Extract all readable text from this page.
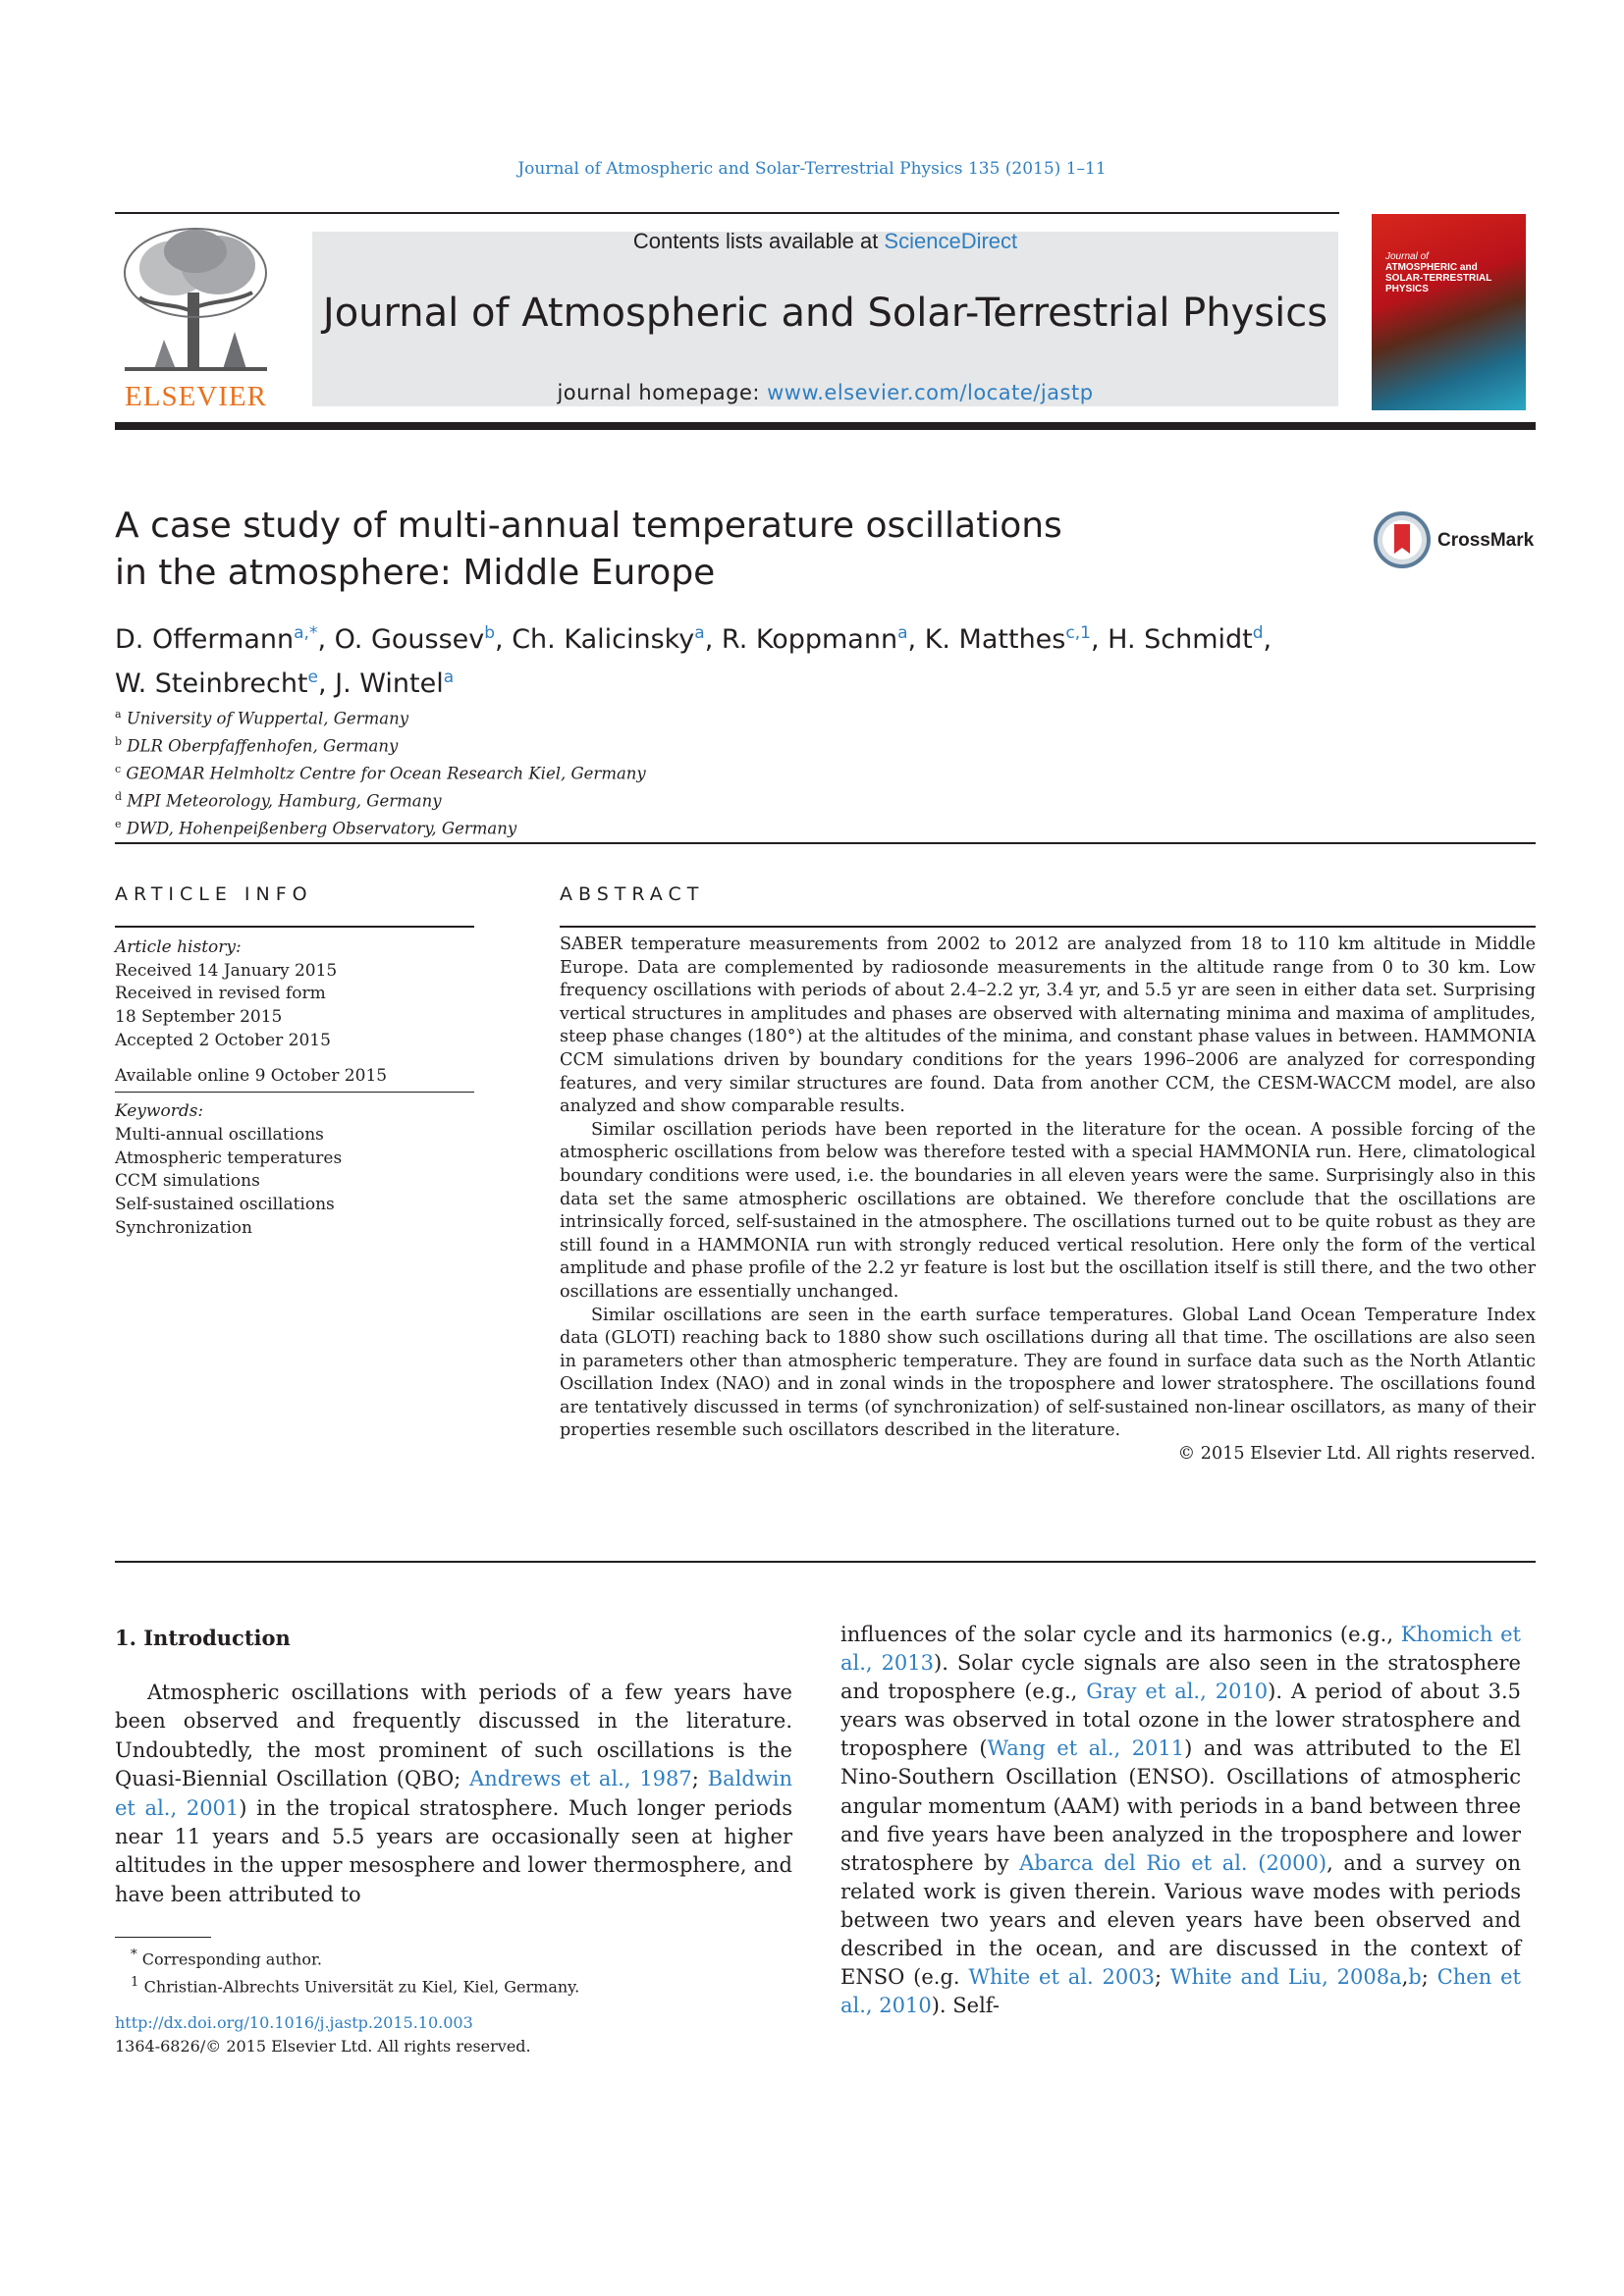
Journal of Atmospheric and Solar-Terrestrial Physics 135 (2015) 1–11
ELSEVIER
Contents lists available at ScienceDirect
Journal of Atmospheric and Solar-Terrestrial Physics
journal homepage: www.elsevier.com/locate/jastp
Journal of
ATMOSPHERIC and
SOLAR-TERRESTRIAL
PHYSICS
A case study of multi-annual temperature oscillations
in the atmosphere: Middle Europe
CrossMark
D. Offermann$^{a,*}$, O. Goussev$^b$, Ch. Kalicinsky$^a$, R. Koppmann$^a$, K. Matthes$^{c,1}$, H. Schmidt$^d$,
W. Steinbrecht$^e$, J. Wintel$^a$
$^a$ University of Wuppertal, Germany
$^b$ DLR Oberpfaffenhofen, Germany
$^c$ GEOMAR Helmholtz Centre for Ocean Research Kiel, Germany
$^d$ MPI Meteorology, Hamburg, Germany
$^e$ DWD, Hohenpeißenberg Observatory, Germany
ARTICLE INFO	ABSTRACT
Article history:
Received 14 January 2015
Received in revised form
18 September 2015
Accepted 2 October 2015
Available online 9 October 2015
Keywords:
Multi-annual oscillations
Atmospheric temperatures
CCM simulations
Self-sustained oscillations
Synchronization

SABER temperature measurements from 2002 to 2012 are analyzed from 18 to 110 km altitude in Middle Europe. Data are complemented by radiosonde measurements in the altitude range from 0 to 30 km. Low frequency oscillations with periods of about 2.4–2.2 yr, 3.4 yr, and 5.5 yr are seen in either data set. Surprising vertical structures in amplitudes and phases are observed with alternating minima and maxima of amplitudes, steep phase changes (180°) at the altitudes of the minima, and constant phase values in between. HAMMONIA CCM simulations driven by boundary conditions for the years 1996–2006 are analyzed for corresponding features, and very similar structures are found. Data from another CCM, the CESM-WACCM model, are also analyzed and show comparable results.

Similar oscillation periods have been reported in the literature for the ocean. A possible forcing of the atmospheric oscillations from below was therefore tested with a special HAMMONIA run. Here, climatological boundary conditions were used, i.e. the boundaries in all eleven years were the same. Surprisingly also in this data set the same atmospheric oscillations are obtained. We therefore conclude that the oscillations are intrinsically forced, self-sustained in the atmosphere. The oscillations turned out to be quite robust as they are still found in a HAMMONIA run with strongly reduced vertical resolution. Here only the form of the vertical amplitude and phase profile of the 2.2 yr feature is lost but the oscillation itself is still there, and the two other oscillations are essentially unchanged.

Similar oscillations are seen in the earth surface temperatures. Global Land Ocean Temperature Index data (GLOTI) reaching back to 1880 show such oscillations during all that time. The oscillations are also seen in parameters other than atmospheric temperature. They are found in surface data such as the North Atlantic Oscillation Index (NAO) and in zonal winds in the troposphere and lower stratosphere. The oscillations found are tentatively discussed in terms (of synchronization) of self-sustained non-linear oscillators, as many of their properties resemble such oscillators described in the literature.

© 2015 Elsevier Ltd. All rights reserved.
1. Introduction
Atmospheric oscillations with periods of a few years have been observed and frequently discussed in the literature. Undoubtedly, the most prominent of such oscillations is the Quasi-Biennial Oscillation (QBO; Andrews et al., 1987; Baldwin et al., 2001) in the tropical stratosphere. Much longer periods near 11 years and 5.5 years are occasionally seen at higher altitudes in the upper mesosphere and lower thermosphere, and have been attributed to
influences of the solar cycle and its harmonics (e.g., Khomich et al., 2013). Solar cycle signals are also seen in the stratosphere and troposphere (e.g., Gray et al., 2010). A period of about 3.5 years was observed in total ozone in the lower stratosphere and troposphere (Wang et al., 2011) and was attributed to the El Nino-Southern Oscillation (ENSO). Oscillations of atmospheric angular momentum (AAM) with periods in a band between three and five years have been analyzed in the troposphere and lower stratosphere by Abarca del Rio et al. (2000), and a survey on related work is given therein. Various wave modes with periods between two years and eleven years have been observed and described in the ocean, and are discussed in the context of ENSO (e.g. White et al. 2003; White and Liu, 2008a,b; Chen et al., 2010). Self-
* Corresponding author.
$^1$ Christian-Albrechts Universität zu Kiel, Kiel, Germany.
http://dx.doi.org/10.1016/j.jastp.2015.10.003
1364-6826/© 2015 Elsevier Ltd. All rights reserved.
